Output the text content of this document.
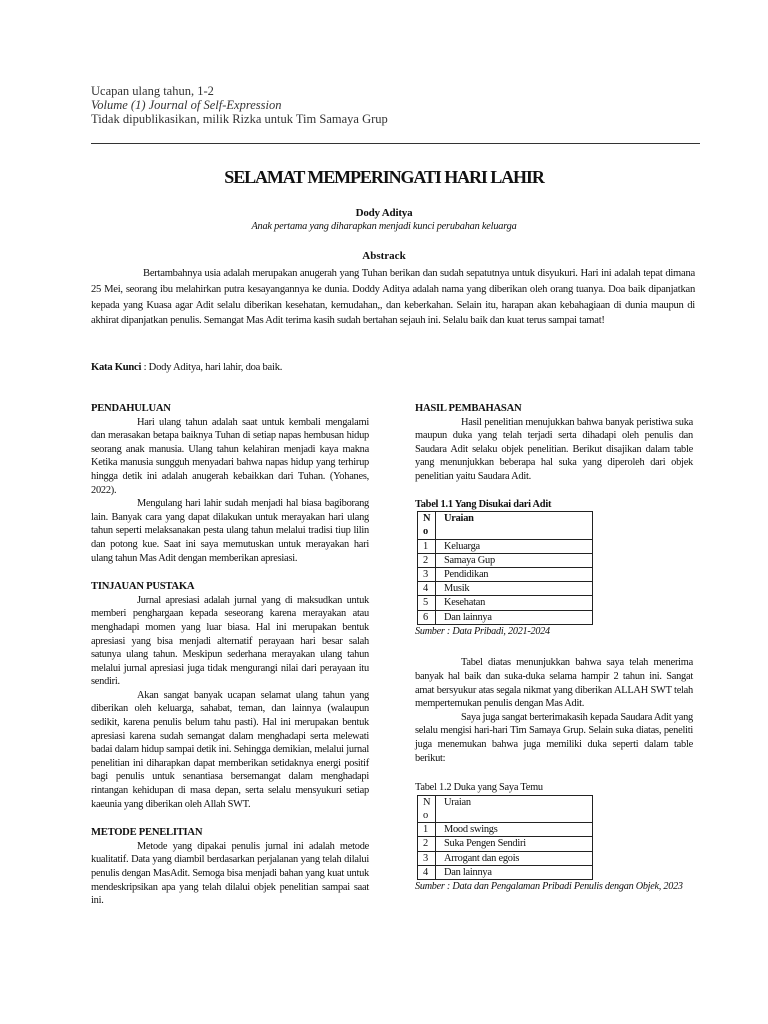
Ucapan ulang tahun, 1-2
Volume (1) Journal of Self-Expression
Tidak dipublikasikan, milik Rizka untuk Tim Samaya Grup
SELAMAT MEMPERINGATI HARI LAHIR
Dody Aditya
Anak pertama yang diharapkan menjadi kunci perubahan keluarga
Abstrack

Bertambahnya usia adalah merupakan anugerah yang Tuhan berikan dan sudah sepatutnya untuk disyukuri. Hari ini adalah tepat dimana 25 Mei, seorang ibu melahirkan putra kesayangannya ke dunia. Doddy Aditya adalah nama yang diberikan oleh orang tuanya. Doa baik dipanjatkan kepada yang Kuasa agar Adit selalu diberikan kesehatan, kemudahan,, dan keberkahan. Selain itu, harapan akan kebahagiaan di dunia maupun di akhirat dipanjatkan penulis. Semangat Mas Adit terima kasih sudah bertahan sejauh ini. Selalu baik dan kuat terus sampai tamat!

Kata Kunci : Dody Aditya, hari lahir, doa baik.

PENDAHULUAN

Hari ulang tahun adalah saat untuk kembali mengalami dan merasakan betapa baiknya Tuhan di setiap napas hembusan hidup seorang anak manusia. Ulang tahun kelahiran menjadi kaya makna Ketika manusia sungguh menyadari bahwa napas hidup yang terhirup hingga detik ini adalah anugerah kebaikkan dari Tuhan. (Yohanes, 2022).

Mengulang hari lahir sudah menjadi hal biasa bagiborang lain. Banyak cara yang dapat dilakukan untuk merayakan hari ulang tahun seperti melaksanakan pesta ulang tahun melalui tradisi tiup lilin dan potong kue. Saat ini saya memutuskan untuk merayakan hari ulang tahun Mas Adit dengan memberikan apresiasi.

TINJAUAN PUSTAKA

Jurnal apresiasi adalah jurnal yang di maksudkan untuk memberi penghargaan kepada seseorang karena merayakan atau menghadapi momen yang luar biasa. Hal ini merupakan bentuk apresiasi yang bisa menjadi alternatif perayaan hari besar salah satunya ulang tahun. Meskipun sederhana merayakan ulang tahun melalui jurnal apresiasi juga tidak mengurangi nilai dari perayaan itu sendiri.

Akan sangat banyak ucapan selamat ulang tahun yang diberikan oleh keluarga, sahabat, teman, dan lainnya (walaupun sedikit, karena penulis belum tahu pasti). Hal ini merupakan bentuk apresiasi karena sudah semangat dalam menghadapi serta melewati badai dalam hidup sampai detik ini. Sehingga demikian, melalui jurnal penelitian ini diharapkan dapat memberikan setidaknya energi positif bagi penulis untuk senantiasa bersemangat dalam menghadapi rintangan kehidupan di masa depan, serta selalu mensyukuri setiap kaeunia yang diberikan oleh Allah SWT.

METODE PENELITIAN

Metode yang dipakai penulis jurnal ini adalah metode kualitatif. Data yang diambil berdasarkan perjalanan yang telah dilalui penulis dengan MasAdit. Semoga bisa menjadi bahan yang kuat untuk mendeskripsikan apa yang telah dilalui objek penelitian sampai saat ini.

HASIL PEMBAHASAN

Hasil penelitian menujukkan bahwa banyak peristiwa suka maupun duka yang telah terjadi serta dihadapi oleh penulis dan Saudara Adit selaku objek penelitian. Berikut disajikan dalam table yang menunjukkan beberapa hal suka yang diperoleh dari objek penelitian yaitu Saudara Adit.

Tabel 1.1 Yang Disukai dari Adit

N o	Uraian
1	Keluarga
2	Samaya Gup
3	Pendidikan
4	Musik
5	Kesehatan
6	Dan lainnya

Sumber : Data Pribadi, 2021-2024

Tabel diatas menunjukkan bahwa saya telah menerima banyak hal baik dan suka-duka selama hampir 2 tahun ini. Sangat amat bersyukur atas segala nikmat yang diberikan ALLAH SWT telah mempertemukan penulis dengan Mas Adit.

Saya juga sangat berterimakasih kepada Saudara Adit yang selalu mengisi hari-hari Tim Samaya Grup. Selain suka diatas, peneliti juga menemukan bahwa juga memiliki duka seperti dalam table berikut:

Tabel 1.2 Duka yang Saya Temu

N o	Uraian
1	Mood swings
2	Suka Pengen Sendiri
3	Arrogant dan egois
4	Dan lainnya

Sumber : Data dan Pengalaman Pribadi Penulis dengan Objek, 2023
